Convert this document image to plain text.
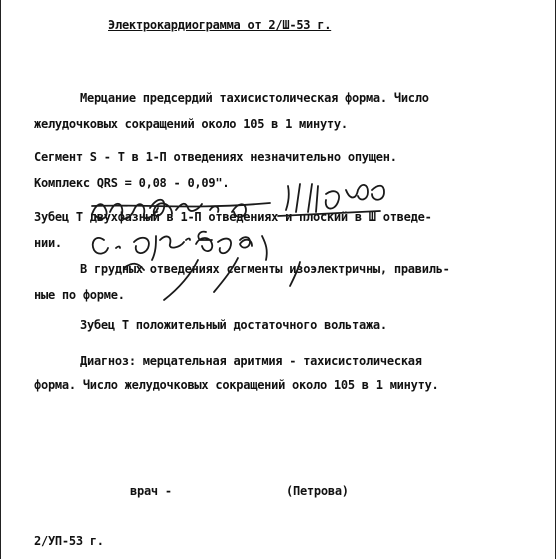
Электрокардиограмма от 2/Ш-53 г.
Мерцание предсердий тахисистолическая форма. Число
желудочковых сокращений около 105 в 1 минуту.
Сегмент S - Т в 1-П отведениях незначительно опущен.
Комплекс QRS = 0,08 - 0,09".
Зубец Т двухфазный в 1-П отведениях и плоский в Ш отведе-
нии.
В грудных отведениях сегменты изоэлектричны, правиль-
ные по форме.
Зубец Т положительный достаточного вольтажа.
Диагноз: мерцательная аритмия - тахисистолическая
форма. Число желудочковых сокращений около 105 в 1 минуту.
врач -	(Петрова)
2/УП-53 г.
